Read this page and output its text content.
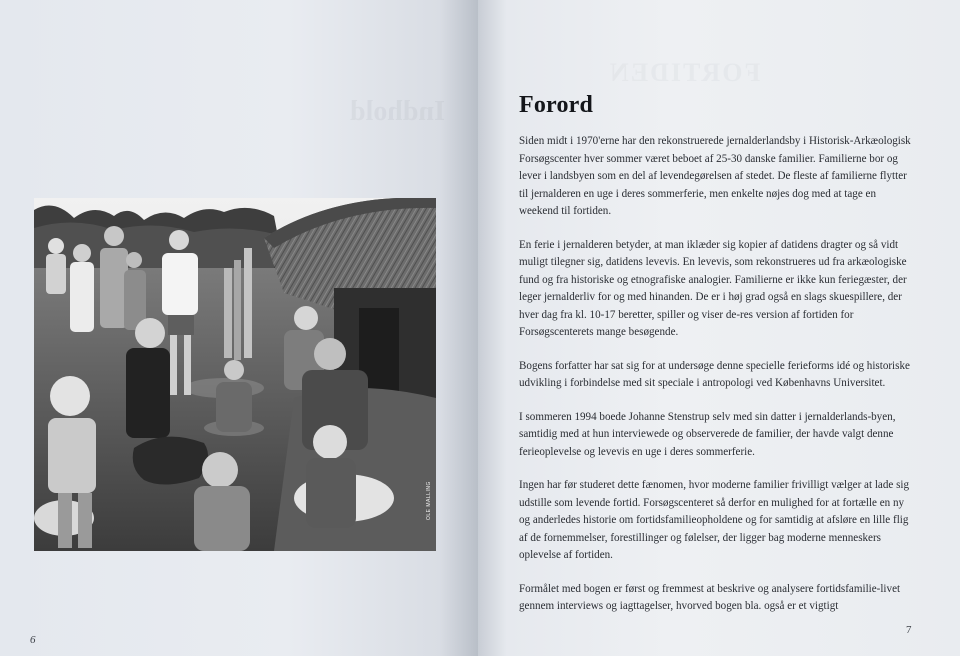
Indhold
OLE MALLING
6
FORTIDEN
Forord

Siden midt i 1970'erne har den rekonstruerede jernalderlandsby i Historisk-Arkæologisk Forsøgscenter hver sommer været beboet af 25-30 danske familier. Familierne bor og lever i landsbyen som en del af levendegørelsen af stedet. De fleste af familierne flytter til jernalderen en uge i deres sommerferie, men enkelte nøjes dog med at tage en weekend til fortiden.

En ferie i jernalderen betyder, at man iklæder sig kopier af datidens dragter og så vidt muligt tilegner sig, datidens levevis. En levevis, som rekonstrueres ud fra arkæologiske fund og fra historiske og etnografiske analogier. Familierne er ikke kun feriegæster, der leger jernalderliv for og med hinanden. De er i høj grad også en slags skuespillere, der hver dag fra kl. 10-17 beretter, spiller og viser de-res version af fortiden for Forsøgscenterets mange besøgende.

Bogens forfatter har sat sig for at undersøge denne specielle ferieforms idé og historiske udvikling i forbindelse med sit speciale i antropologi ved Københavns Universitet.

I sommeren 1994 boede Johanne Stenstrup selv med sin datter i jernalderlands-byen, samtidig med at hun interviewede og observerede de familier, der havde valgt denne ferieoplevelse og levevis en uge i deres sommerferie.

Ingen har før studeret dette fænomen, hvor moderne familier frivilligt vælger at lade sig udstille som levende fortid. Forsøgscenteret så derfor en mulighed for at fortælle en ny og anderledes historie om fortidsfamilieopholdene og for samtidig at afsløre en lille flig af de fornemmelser, forestillinger og følelser, der ligger bag moderne menneskers oplevelse af fortiden.

Formålet med bogen er først og fremmest at beskrive og analysere fortidsfamilie-livet gennem interviews og iagttagelser, hvorved bogen bla. også er et vigtigt

7
